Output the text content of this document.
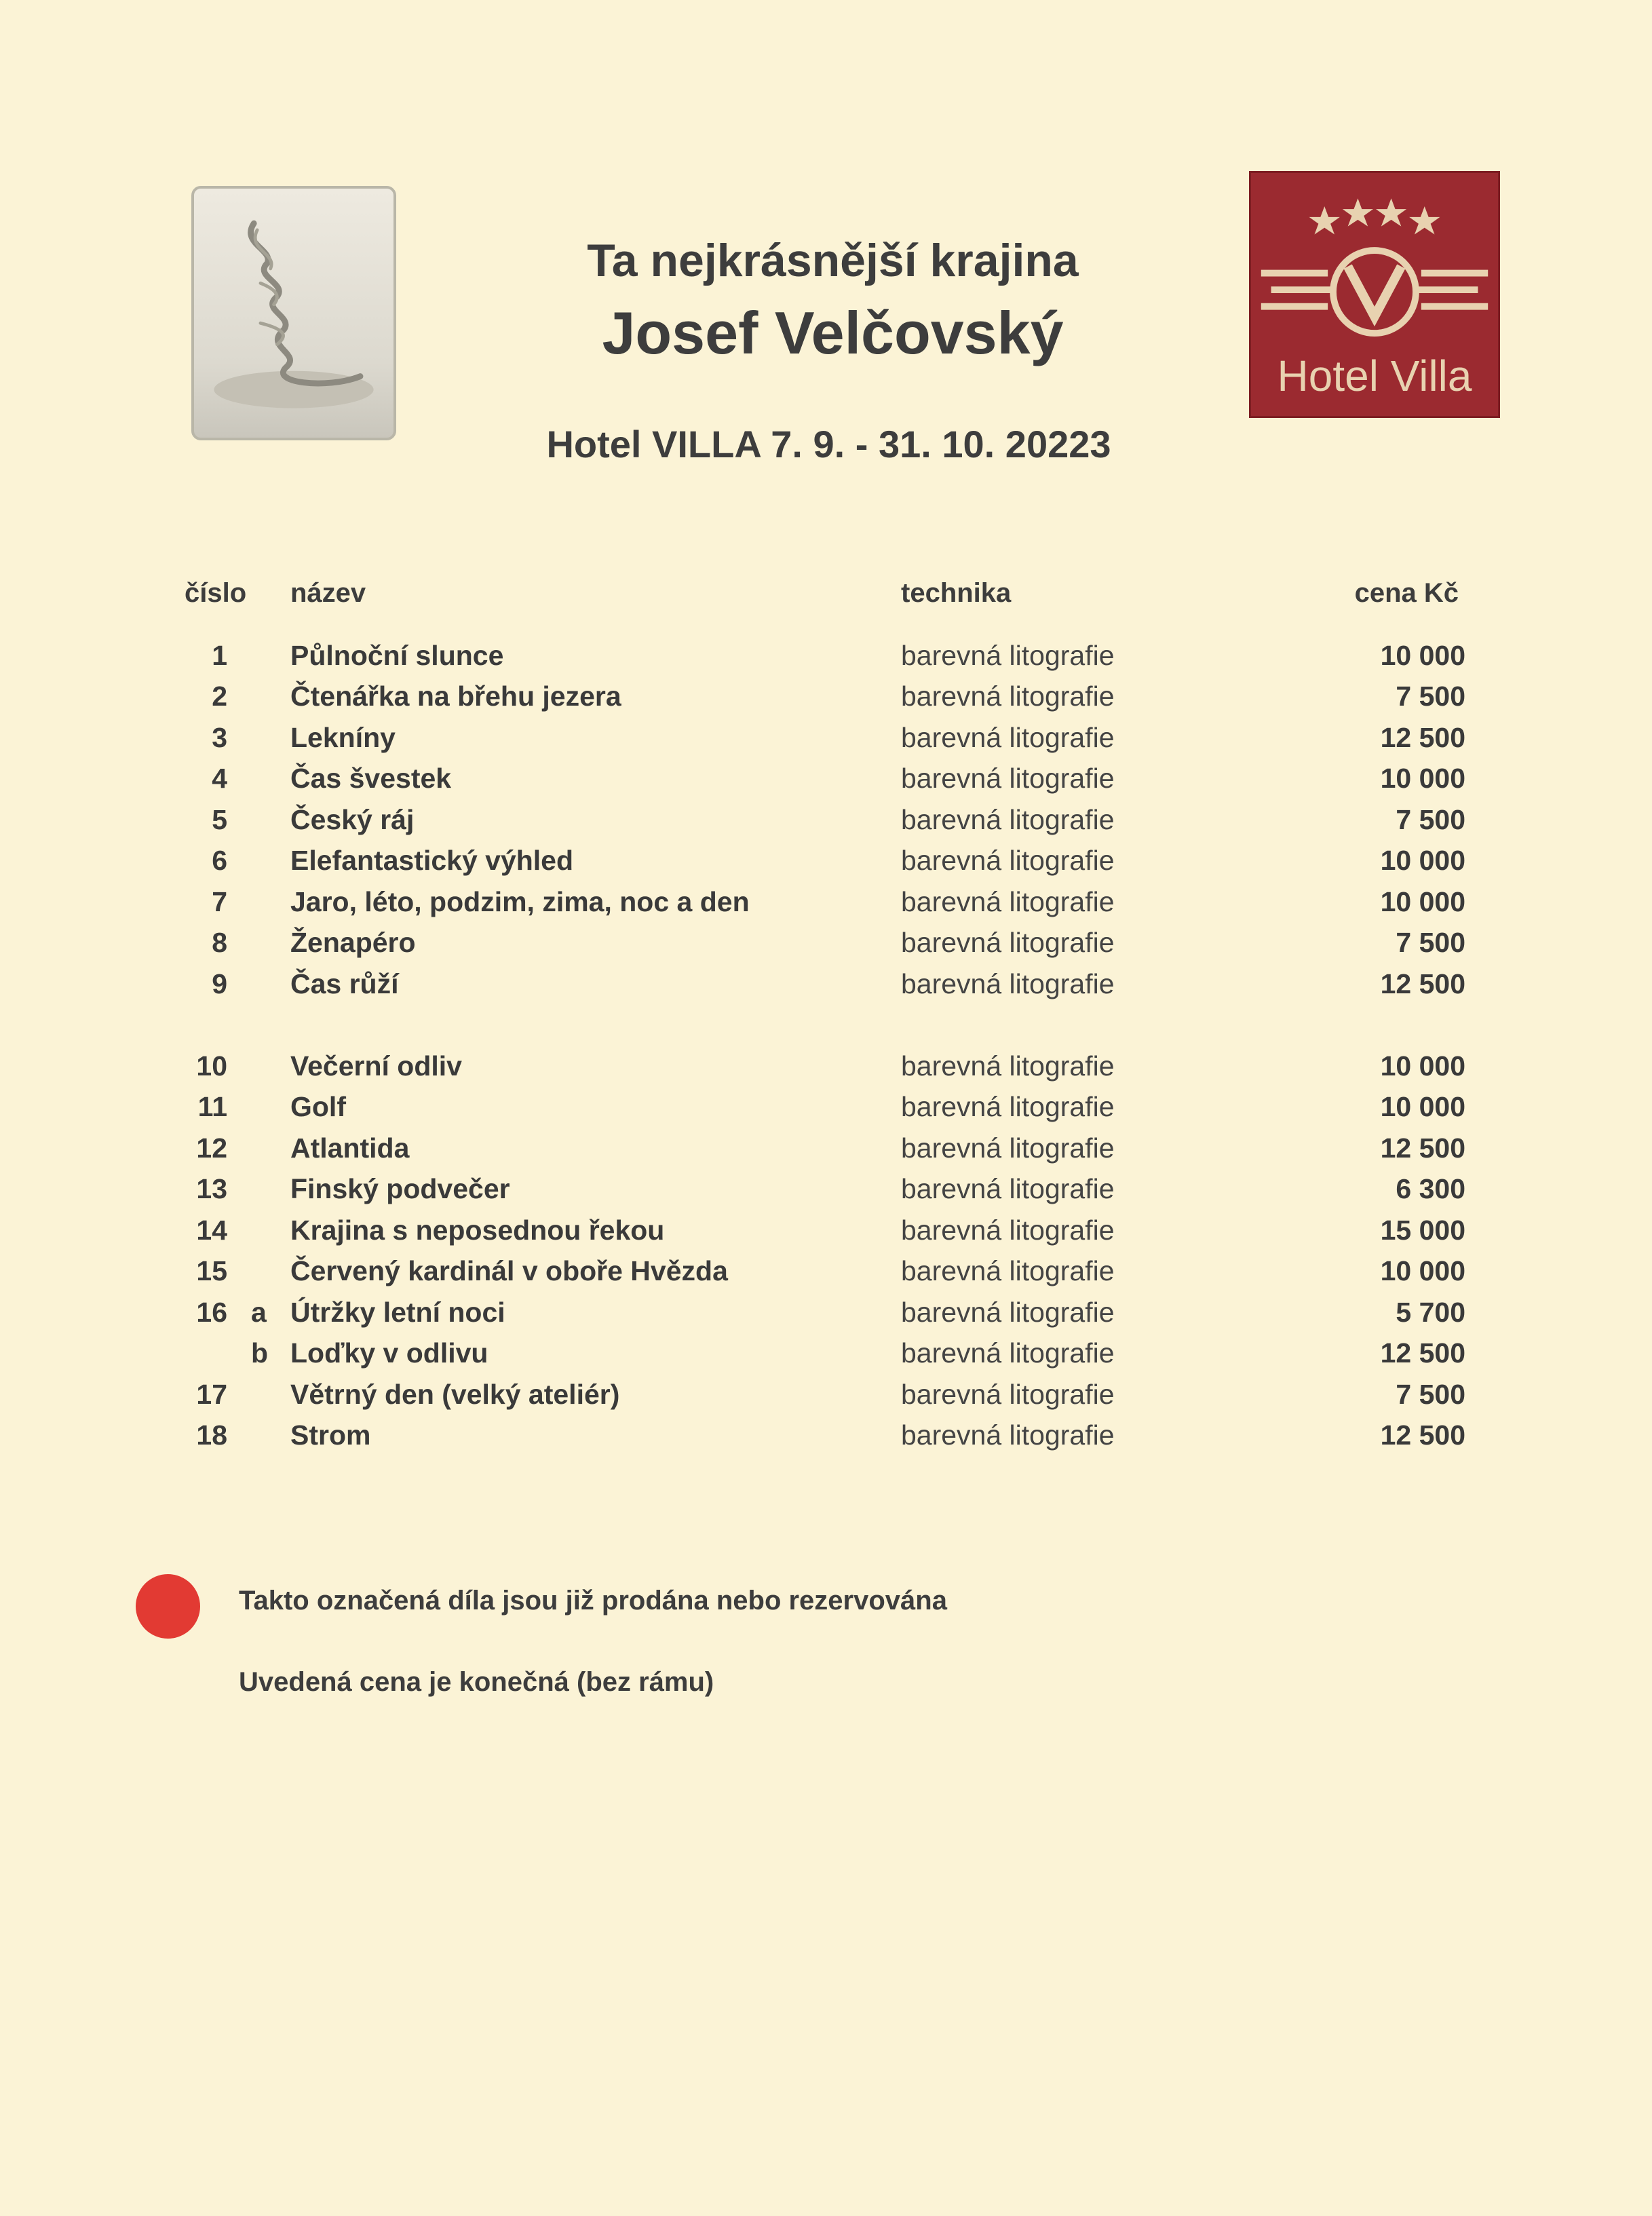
Hotel Villa
Ta nejkrásnější krajina
Josef Velčovský
Hotel VILLA 7. 9. - 31. 10. 20223
číslo název	technika	cena Kč
1 Půlnoční slunce	barevná litografie	10 000
2 Čtenářka na břehu jezera	barevná litografie	7 500
3 Lekníny	barevná litografie	12 500
4 Čas švestek	barevná litografie	10 000
5 Český ráj	barevná litografie	7 500
6 Elefantastický výhled	barevná litografie	10 000
7 Jaro, léto, podzim, zima, noc a den	barevná litografie	10 000
8 Ženapéro	barevná litografie	7 500
9 Čas růží	barevná litografie	12 500
10 Večerní odliv	barevná litografie	10 000
11 Golf	barevná litografie	10 000
12 Atlantida	barevná litografie	12 500
13 Finský podvečer	barevná litografie	6 300
14 Krajina s neposednou řekou	barevná litografie	15 000
15 Červený kardinál v oboře Hvězda	barevná litografie	10 000
16 a Útržky letní noci	barevná litografie	5 700
b Loďky v odlivu	barevná litografie	12 500
17 Větrný den (velký ateliér)	barevná litografie	7 500
18 Strom	barevná litografie	12 500
Takto označená díla jsou již prodána nebo rezervována
Uvedená cena je konečná (bez rámu)
